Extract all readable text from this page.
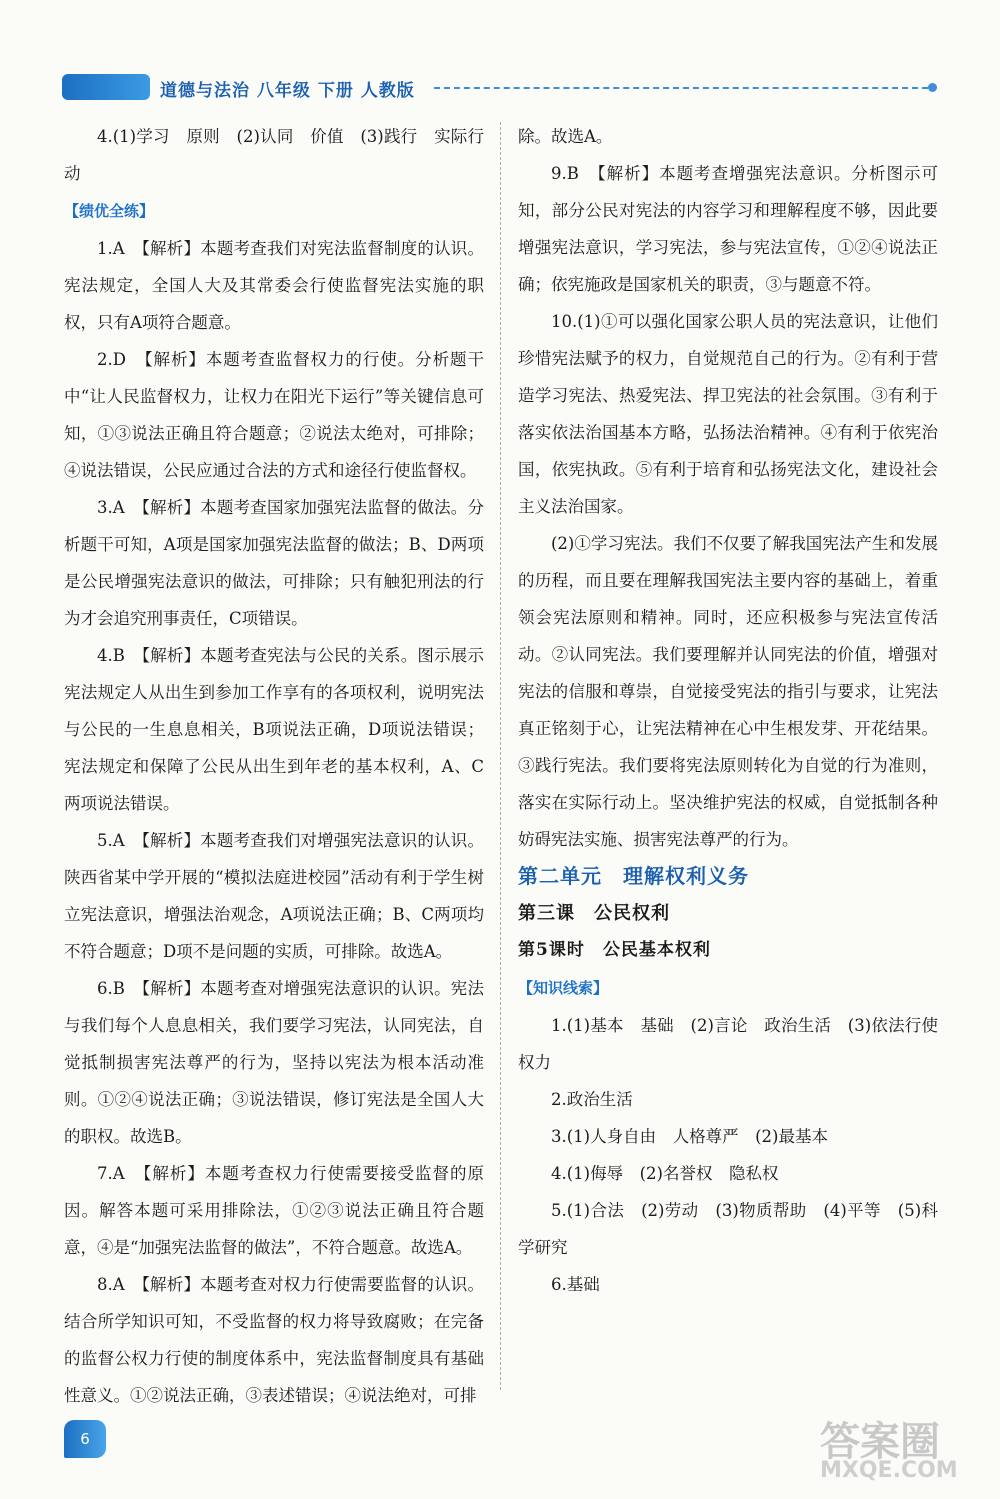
道德与法治 八年级 下册 人教版

4.(1)学习　原则　(2)认同　价值　(3)践行　实际行动

【绩优全练】

1.A　【解析】本题考查我们对宪法监督制度的认识。宪法规定，全国人大及其常委会行使监督宪法实施的职权，只有A项符合题意。

2.D　【解析】本题考查监督权力的行使。分析题干中“让人民监督权力，让权力在阳光下运行”等关键信息可知，①③说法正确且符合题意；②说法太绝对，可排除；④说法错误，公民应通过合法的方式和途径行使监督权。

3.A　【解析】本题考查国家加强宪法监督的做法。分析题干可知，A项是国家加强宪法监督的做法；B、D两项是公民增强宪法意识的做法，可排除；只有触犯刑法的行为才会追究刑事责任，C项错误。

4.B　【解析】本题考查宪法与公民的关系。图示展示宪法规定人从出生到参加工作享有的各项权利，说明宪法与公民的一生息息相关，B项说法正确，D项说法错误；宪法规定和保障了公民从出生到年老的基本权利，A、C两项说法错误。

5.A　【解析】本题考查我们对增强宪法意识的认识。陕西省某中学开展的“模拟法庭进校园”活动有利于学生树立宪法意识，增强法治观念，A项说法正确；B、C两项均不符合题意；D项不是问题的实质，可排除。故选A。

6.B　【解析】本题考查对增强宪法意识的认识。宪法与我们每个人息息相关，我们要学习宪法，认同宪法，自觉抵制损害宪法尊严的行为，坚持以宪法为根本活动准则。①②④说法正确；③说法错误，修订宪法是全国人大的职权。故选B。

7.A　【解析】本题考查权力行使需要接受监督的原因。解答本题可采用排除法，①②③说法正确且符合题意，④是“加强宪法监督的做法”，不符合题意。故选A。

8.A　【解析】本题考查对权力行使需要监督的认识。结合所学知识可知，不受监督的权力将导致腐败；在完备的监督公权力行使的制度体系中，宪法监督制度具有基础性意义。①②说法正确，③表述错误；④说法绝对，可排

除。故选A。

9.B　【解析】本题考查增强宪法意识。分析图示可知，部分公民对宪法的内容学习和理解程度不够，因此要增强宪法意识，学习宪法，参与宪法宣传，①②④说法正确；依宪施政是国家机关的职责，③与题意不符。

10.(1)①可以强化国家公职人员的宪法意识，让他们珍惜宪法赋予的权力，自觉规范自己的行为。②有利于营造学习宪法、热爱宪法、捍卫宪法的社会氛围。③有利于落实依法治国基本方略，弘扬法治精神。④有利于依宪治国，依宪执政。⑤有利于培育和弘扬宪法文化，建设社会主义法治国家。

(2)①学习宪法。我们不仅要了解我国宪法产生和发展的历程，而且要在理解我国宪法主要内容的基础上，着重领会宪法原则和精神。同时，还应积极参与宪法宣传活动。②认同宪法。我们要理解并认同宪法的价值，增强对宪法的信服和尊崇，自觉接受宪法的指引与要求，让宪法真正铭刻于心，让宪法精神在心中生根发芽、开花结果。③践行宪法。我们要将宪法原则转化为自觉的行为准则，落实在实际行动上。坚决维护宪法的权威，自觉抵制各种妨碍宪法实施、损害宪法尊严的行为。

第二单元　理解权利义务

第三课　公民权利

第5课时　公民基本权利

【知识线索】

1.(1)基本　基础　(2)言论　政治生活　(3)依法行使权力

2.政治生活

3.(1)人身自由　人格尊严　(2)最基本

4.(1)侮辱　(2)名誉权　隐私权

5.(1)合法　(2)劳动　(3)物质帮助　(4)平等　(5)科学研究

6.基础

6	答案圈
MXQE.COM
